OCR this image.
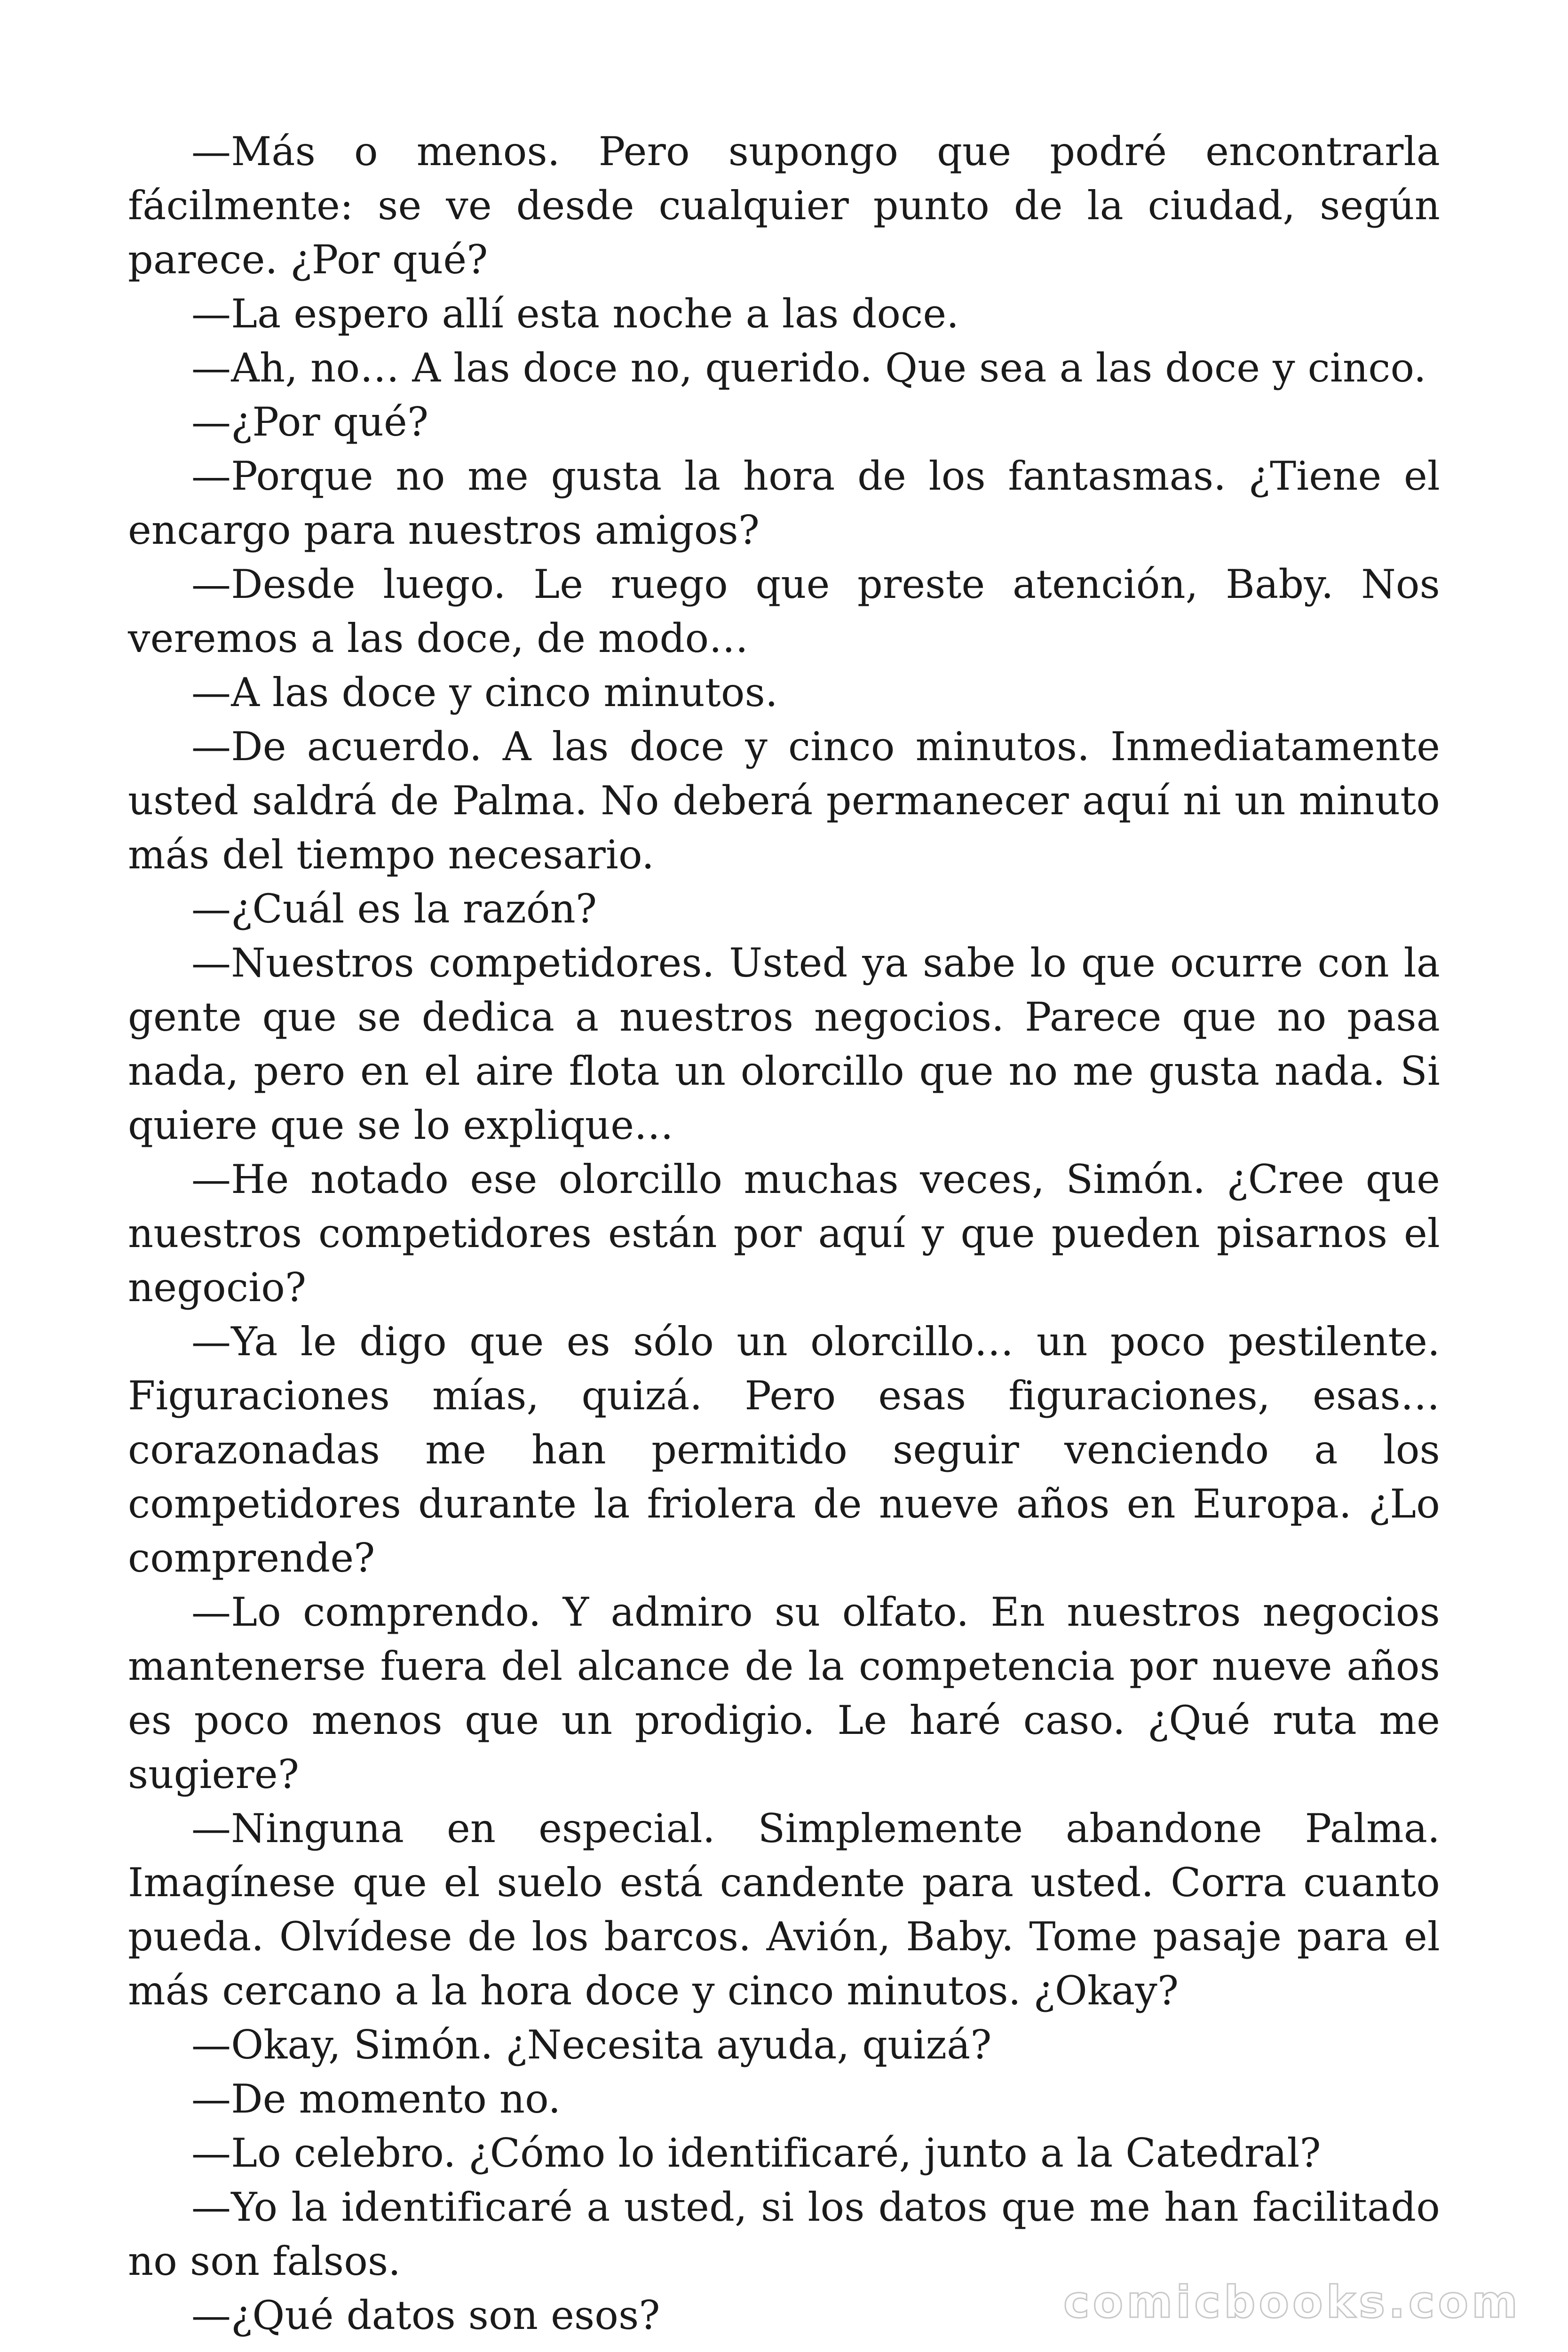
—Más o menos. Pero supongo que podré encontrarla fácilmente: se ve desde cualquier punto de la ciudad, según parece. ¿Por qué?

—La espero allí esta noche a las doce.

—Ah, no… A las doce no, querido. Que sea a las doce y cinco.

—¿Por qué?

—Porque no me gusta la hora de los fantasmas. ¿Tiene el encargo para nuestros amigos?

—Desde luego. Le ruego que preste atención, Baby. Nos veremos a las doce, de modo…

—A las doce y cinco minutos.

—De acuerdo. A las doce y cinco minutos. Inmediatamente usted saldrá de Palma. No deberá permanecer aquí ni un minuto más del tiempo necesario.

—¿Cuál es la razón?

—Nuestros competidores. Usted ya sabe lo que ocurre con la gente que se dedica a nuestros negocios. Parece que no pasa nada, pero en el aire flota un olorcillo que no me gusta nada. Si quiere que se lo explique…

—He notado ese olorcillo muchas veces, Simón. ¿Cree que nuestros competidores están por aquí y que pueden pisarnos el negocio?

—Ya le digo que es sólo un olorcillo… un poco pestilente. Figuraciones mías, quizá. Pero esas figuraciones, esas… corazonadas me han permitido seguir venciendo a los competidores durante la friolera de nueve años en Europa. ¿Lo comprende?

—Lo comprendo. Y admiro su olfato. En nuestros negocios mantenerse fuera del alcance de la competencia por nueve años es poco menos que un prodigio. Le haré caso. ¿Qué ruta me sugiere?

—Ninguna en especial. Simplemente abandone Palma. Imagínese que el suelo está candente para usted. Corra cuanto pueda. Olvídese de los barcos. Avión, Baby. Tome pasaje para el más cercano a la hora doce y cinco minutos. ¿Okay?

—Okay, Simón. ¿Necesita ayuda, quizá?

—De momento no.

—Lo celebro. ¿Cómo lo identificaré, junto a la Catedral?

—Yo la identificaré a usted, si los datos que me han facilitado no son falsos.

—¿Qué datos son esos?	comicbooks.com
